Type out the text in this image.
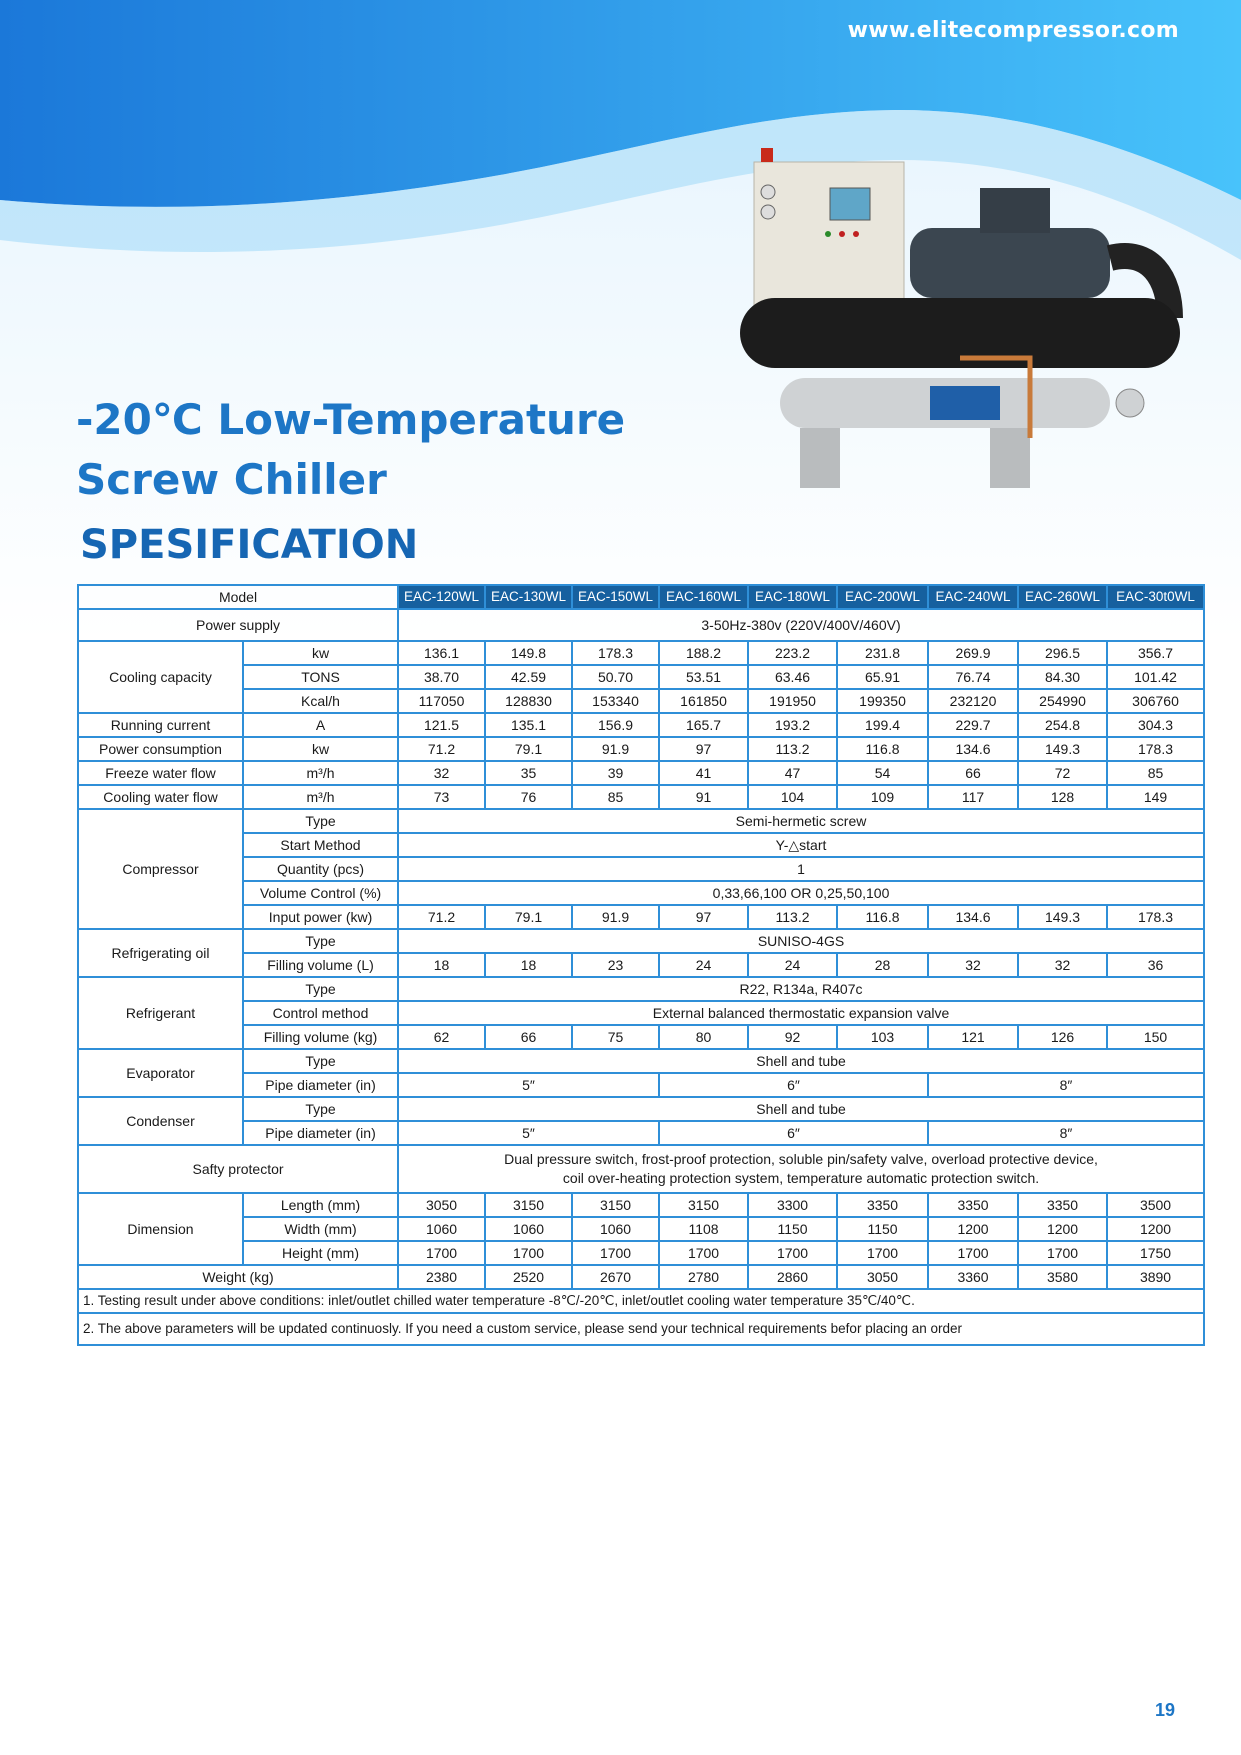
www.elitecompressor.com
-20℃ Low-Temperature
Screw Chiller
SPESIFICATION
Model		EAC-120WL	EAC-130WL	EAC-150WL	EAC-160WL	EAC-180WL	EAC-200WL	EAC-240WL	EAC-260WL	EAC-30t0WL
Power supply		3-50Hz-380v (220V/400V/460V)								
Cooling capacity	kw	136.1	149.8	178.3	188.2	223.2	231.8	269.9	296.5	356.7
	TONS	38.70	42.59	50.70	53.51	63.46	65.91	76.74	84.30	101.42
	Kcal/h	117050	128830	153340	161850	191950	199350	232120	254990	306760
Running current	A	121.5	135.1	156.9	165.7	193.2	199.4	229.7	254.8	304.3
Power consumption	kw	71.2	79.1	91.9	97	113.2	116.8	134.6	149.3	178.3
Freeze water flow	m³/h	32	35	39	41	47	54	66	72	85
Cooling water flow	m³/h	73	76	85	91	104	109	117	128	149
Compressor	Type	Semi-hermetic screw								
	Start Method	Y-△start								
	Quantity (pcs)	1								
	Volume Control (%)	0,33,66,100 OR 0,25,50,100								
	Input power (kw)	71.2	79.1	91.9	97	113.2	116.8	134.6	149.3	178.3
Refrigerating oil	Type	SUNISO-4GS								
	Filling volume (L)	18	18	23	24	24	28	32	32	36
Refrigerant	Type	R22, R134a, R407c								
	Control method	External balanced thermostatic expansion valve								
	Filling volume (kg)	62	66	75	80	92	103	121	126	150
Evaporator	Type	Shell and tube								
	Pipe diameter (in)	5″			6″			8″		
Condenser	Type	Shell and tube								
	Pipe diameter (in)	5″			6″			8″		
Safty protector		Dual pressure switch, frost-proof protection, soluble pin/safety valve, overload protective device,
coil over-heating protection system, temperature automatic protection switch.								
Dimension	Length (mm)	3050	3150	3150	3150	3300	3350	3350	3350	3500
	Width (mm)	1060	1060	1060	1108	1150	1150	1200	1200	1200
	Height (mm)	1700	1700	1700	1700	1700	1700	1700	1700	1750
Weight (kg)		2380	2520	2670	2780	2860	3050	3360	3580	3890
1. Testing result under above conditions: inlet/outlet chilled water temperature -8℃/-20℃, inlet/outlet cooling water temperature 35℃/40℃.										
2. The above parameters will be updated continuosly. If you need a custom service, please send your technical requirements befor placing an order										
19
